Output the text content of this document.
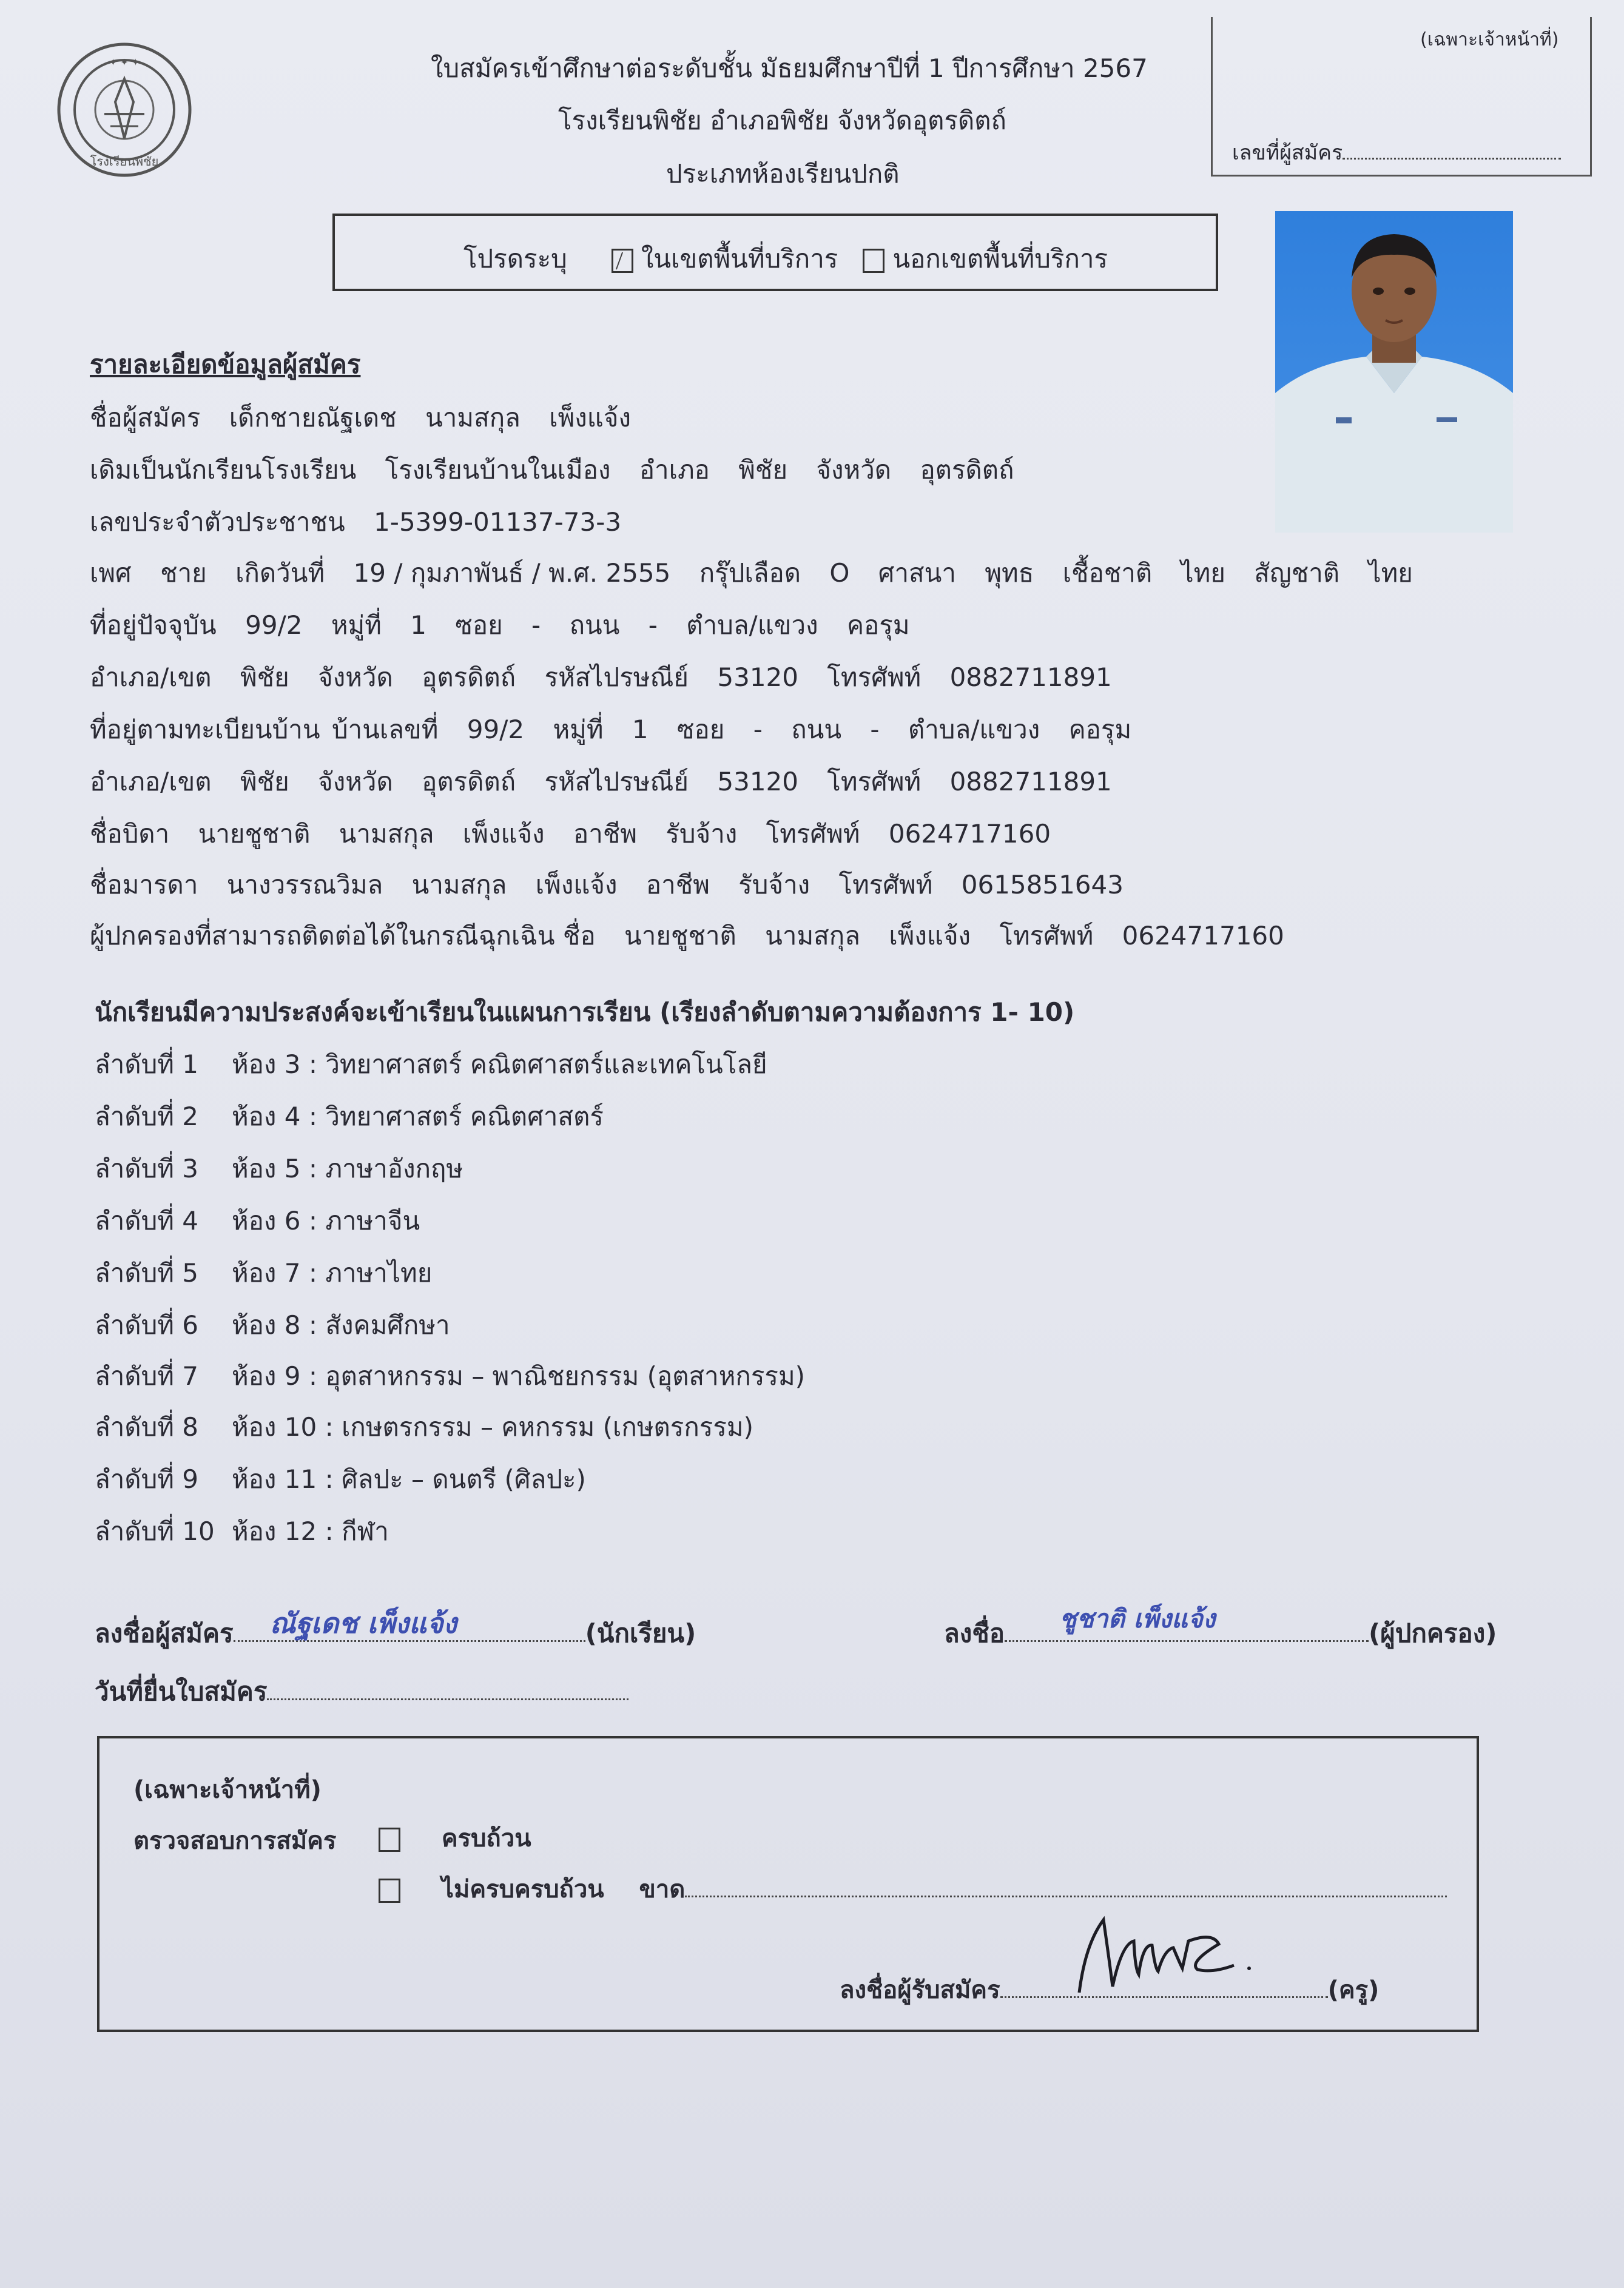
✦ ✦ ✦
โรงเรียนพิชัย
ใบสมัครเข้าศึกษาต่อระดับชั้น มัธยมศึกษาปีที่ 1 ปีการศึกษา 2567
โรงเรียนพิชัย อำเภอพิชัย จังหวัดอุตรดิตถ์
ประเภทห้องเรียนปกติ
(เฉพาะเจ้าหน้าที่)
เลขที่ผู้สมัคร
โปรดระบุ	ในเขตพื้นที่บริการ นอกเขตพื้นที่บริการ
รายละเอียดข้อมูลผู้สมัคร
ชื่อผู้สมัคร เด็กชายณัฐเดช นามสกุล เพ็งแจ้ง
เดิมเป็นนักเรียนโรงเรียน โรงเรียนบ้านในเมือง อำเภอ พิชัย จังหวัด อุตรดิตถ์
เลขประจำตัวประชาชน 1-5399-01137-73-3
เพศ ชาย เกิดวันที่ 19 / กุมภาพันธ์ / พ.ศ. 2555 กรุ๊ปเลือด O ศาสนา พุทธ เชื้อชาติ ไทย สัญชาติ ไทย
ที่อยู่ปัจจุบัน 99/2 หมู่ที่ 1 ซอย - ถนน - ตำบล/แขวง คอรุม
อำเภอ/เขต พิชัย จังหวัด อุตรดิตถ์ รหัสไปรษณีย์ 53120 โทรศัพท์ 0882711891
ที่อยู่ตามทะเบียนบ้าน บ้านเลขที่ 99/2 หมู่ที่ 1 ซอย - ถนน - ตำบล/แขวง คอรุม
อำเภอ/เขต พิชัย จังหวัด อุตรดิตถ์ รหัสไปรษณีย์ 53120 โทรศัพท์ 0882711891
ชื่อบิดา นายชูชาติ นามสกุล เพ็งแจ้ง อาชีพ รับจ้าง โทรศัพท์ 0624717160
ชื่อมารดา นางวรรณวิมล นามสกุล เพ็งแจ้ง อาชีพ รับจ้าง โทรศัพท์ 0615851643
ผู้ปกครองที่สามารถติดต่อได้ในกรณีฉุกเฉิน ชื่อ นายชูชาติ นามสกุล เพ็งแจ้ง โทรศัพท์ 0624717160
นักเรียนมีความประสงค์จะเข้าเรียนในแผนการเรียน (เรียงลำดับตามความต้องการ 1- 10)
ลำดับที่ 1 ห้อง 3 : วิทยาศาสตร์ คณิตศาสตร์และเทคโนโลยี
ลำดับที่ 2 ห้อง 4 : วิทยาศาสตร์ คณิตศาสตร์
ลำดับที่ 3 ห้อง 5 : ภาษาอังกฤษ
ลำดับที่ 4 ห้อง 6 : ภาษาจีน
ลำดับที่ 5 ห้อง 7 : ภาษาไทย
ลำดับที่ 6 ห้อง 8 : สังคมศึกษา
ลำดับที่ 7 ห้อง 9 : อุตสาหกรรม – พาณิชยกรรม (อุตสาหกรรม)
ลำดับที่ 8 ห้อง 10 : เกษตรกรรม – คหกรรม (เกษตรกรรม)
ลำดับที่ 9 ห้อง 11 : ศิลปะ – ดนตรี (ศิลปะ)
ลำดับที่ 10 ห้อง 12 : กีฬา
ลงชื่อผู้สมัคร ณัฐเดช เพ็งแจ้ง	(นักเรียน)	ลงชื่อ ชูชาติ เพ็งแจ้ง	(ผู้ปกครอง)
วันที่ยื่นใบสมัคร
(เฉพาะเจ้าหน้าที่)
ตรวจสอบการสมัคร	ครบถ้วน
ไม่ครบครบถ้วน ขาด
ลงชื่อผู้รับสมัคร	(ครู)
